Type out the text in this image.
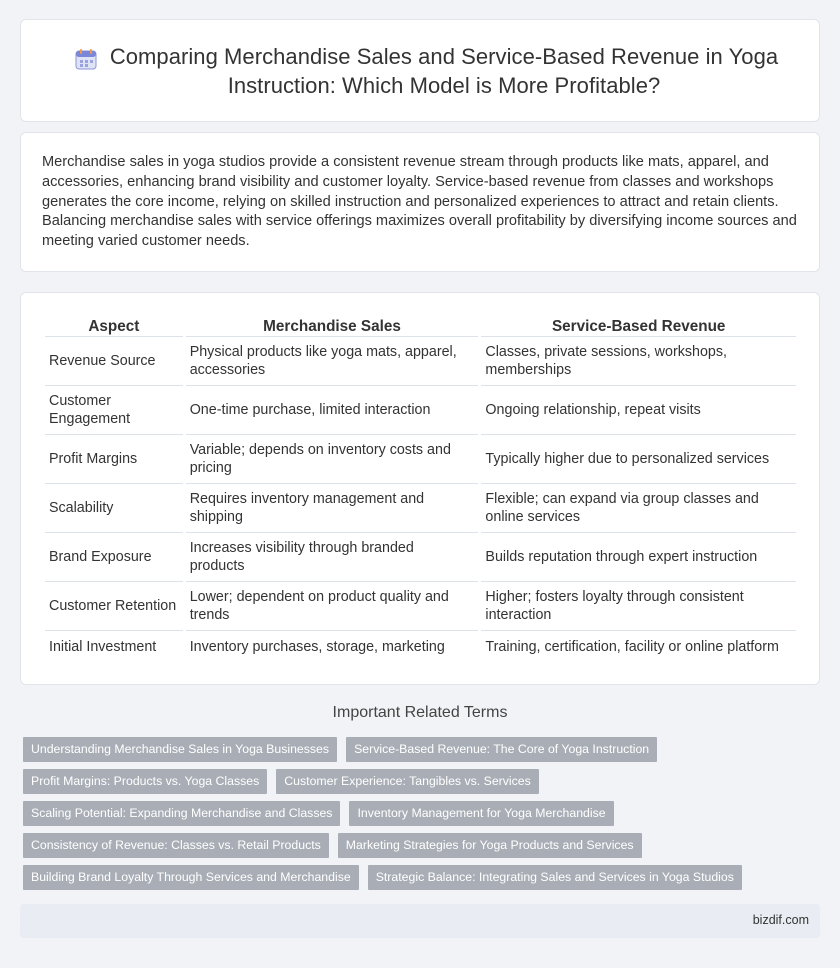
Comparing Merchandise Sales and Service-Based Revenue in Yoga Instruction: Which Model is More Profitable?

Merchandise sales in yoga studios provide a consistent revenue stream through products like mats, apparel, and accessories, enhancing brand visibility and customer loyalty. Service-based revenue from classes and workshops generates the core income, relying on skilled instruction and personalized experiences to attract and retain clients. Balancing merchandise sales with service offerings maximizes overall profitability by diversifying income sources and meeting varied customer needs.

Aspect	Merchandise Sales	Service-Based Revenue
Revenue Source	Physical products like yoga mats, apparel, accessories	Classes, private sessions, workshops, memberships
Customer Engagement	One-time purchase, limited interaction	Ongoing relationship, repeat visits
Profit Margins	Variable; depends on inventory costs and pricing	Typically higher due to personalized services
Scalability	Requires inventory management and shipping	Flexible; can expand via group classes and online services
Brand Exposure	Increases visibility through branded products	Builds reputation through expert instruction
Customer Retention	Lower; dependent on product quality and trends	Higher; fosters loyalty through consistent interaction
Initial Investment	Inventory purchases, storage, marketing	Training, certification, facility or online platform
Important Related Terms
Understanding Merchandise Sales in Yoga Businesses	Service-Based Revenue: The Core of Yoga Instruction
Profit Margins: Products vs. Yoga Classes	Customer Experience: Tangibles vs. Services
Scaling Potential: Expanding Merchandise and Classes	Inventory Management for Yoga Merchandise
Consistency of Revenue: Classes vs. Retail Products	Marketing Strategies for Yoga Products and Services
Building Brand Loyalty Through Services and Merchandise	Strategic Balance: Integrating Sales and Services in Yoga Studios
bizdif.com
